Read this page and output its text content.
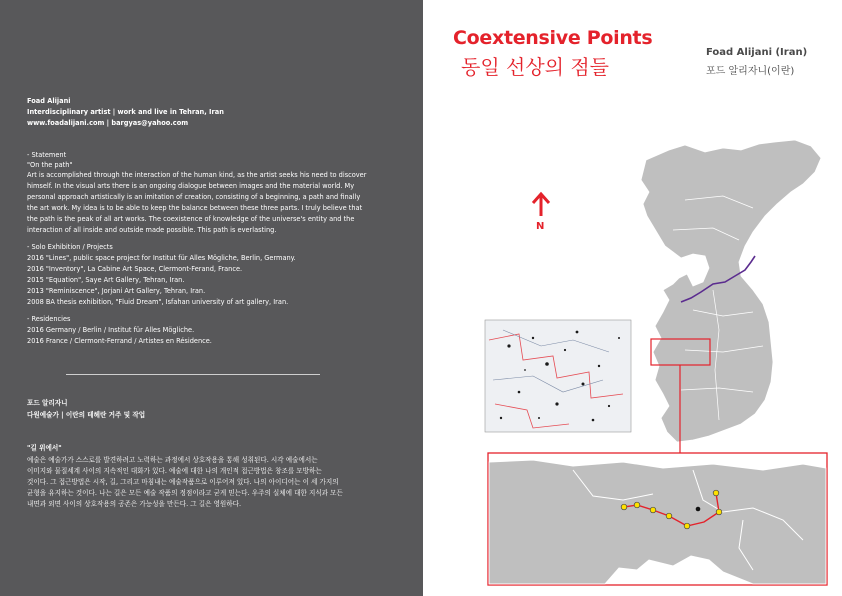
Foad Alijani
Interdisciplinary artist | work and live in Tehran, Iran
www.foadalijani.com | bargyas@yahoo.com
- Statement
"On the path"
Art is accomplished through the interaction of the human kind, as the artist seeks his need to discover
himself. In the visual arts there is an ongoing dialogue between images and the material world. My
personal approach artistically is an imitation of creation, consisting of a beginning, a path and finally
the art work. My idea is to be able to keep the balance between these three parts. I truly believe that
the path is the peak of all art works. The coexistence of knowledge of the universe's entity and the
interaction of all inside and outside made possible. This path is everlasting.
- Solo Exhibition / Projects
2016 "Lines", public space project for Institut für Alles Mögliche, Berlin, Germany.
2016 "Inventory", La Cabine Art Space, Clermont-Ferand, France.
2015 "Equation", Saye Art Gallery, Tehran, Iran.
2013 "Reminiscence", Jorjani Art Gallery, Tehran, Iran.
2008 BA thesis exhibition, "Fluid Dream", Isfahan university of art gallery, Iran.
- Residencies
2016 Germany / Berlin / Institut für Alles Mögliche.
2016 France / Clermont-Ferrand / Artistes en Résidence.
포드 알리자니
다원예술가 | 이란의 테헤란 거주 및 작업
"길 위에서"
예술은 예술가가 스스로를 발견하려고 노력하는 과정에서 상호작용을 통해 성취된다. 시각 예술에서는
이미지와 물질세계 사이의 지속적인 대화가 있다. 예술에 대한 나의 개인적 접근방법은 창조를 모방하는
것이다. 그 접근방법은 시작, 길, 그리고 마침내는 예술작품으로 이루어져 있다. 나의 아이디어는 이 세 가지의
균형을 유지하는 것이다. 나는 길은 모든 예술 작품의 정점이라고 굳게 믿는다. 우주의 실체에 대한 지식과 모든
내면과 외면 사이의 상호작용의 공존은 가능성을 만든다. 그 길은 영원하다.
Coextensive Points
동일 선상의 점들
Foad Alijani (Iran)
포드 알리자니(이란)
N
